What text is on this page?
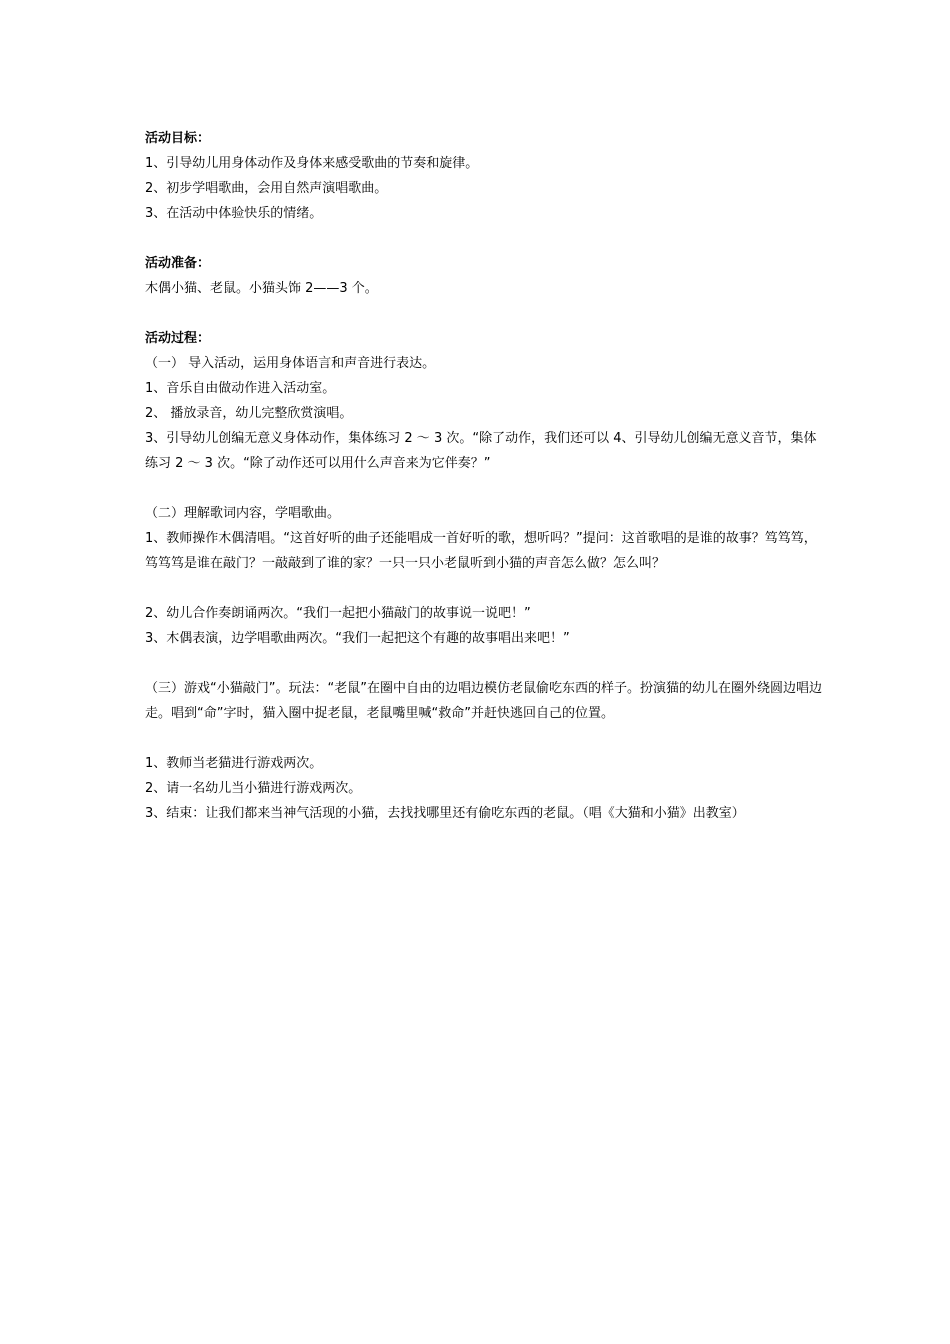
活动目标：

1、引导幼儿用身体动作及身体来感受歌曲的节奏和旋律。

2、初步学唱歌曲，会用自然声演唱歌曲。

3、在活动中体验快乐的情绪。

活动准备：

木偶小猫、老鼠。小猫头饰 2——3 个。

活动过程：

（一） 导入活动，运用身体语言和声音进行表达。

1、音乐自由做动作进入活动室。

2、 播放录音，幼儿完整欣赏演唱。

3、引导幼儿创编无意义身体动作，集体练习 2 ～ 3 次。“除了动作，我们还可以 4、引导幼儿创编无意义音节，集体练习 2 ～ 3 次。“除了动作还可以用什么声音来为它伴奏？”

（二）理解歌词内容，学唱歌曲。

1、教师操作木偶清唱。“这首好听的曲子还能唱成一首好听的歌，想听吗？”提问：这首歌唱的是谁的故事？笃笃笃，笃笃笃是谁在敲门？一敲敲到了谁的家？一只一只小老鼠听到小猫的声音怎么做？怎么叫？

2、幼儿合作奏朗诵两次。“我们一起把小猫敲门的故事说一说吧！”

3、木偶表演，边学唱歌曲两次。“我们一起把这个有趣的故事唱出来吧！”

（三）游戏“小猫敲门”。玩法：“老鼠”在圈中自由的边唱边模仿老鼠偷吃东西的样子。扮演猫的幼儿在圈外绕圆边唱边走。唱到“命”字时，猫入圈中捉老鼠，老鼠嘴里喊“救命”并赶快逃回自己的位置。

1、教师当老猫进行游戏两次。

2、请一名幼儿当小猫进行游戏两次。

3、结束：让我们都来当神气活现的小猫，去找找哪里还有偷吃东西的老鼠。（唱《大猫和小猫》出教室）
